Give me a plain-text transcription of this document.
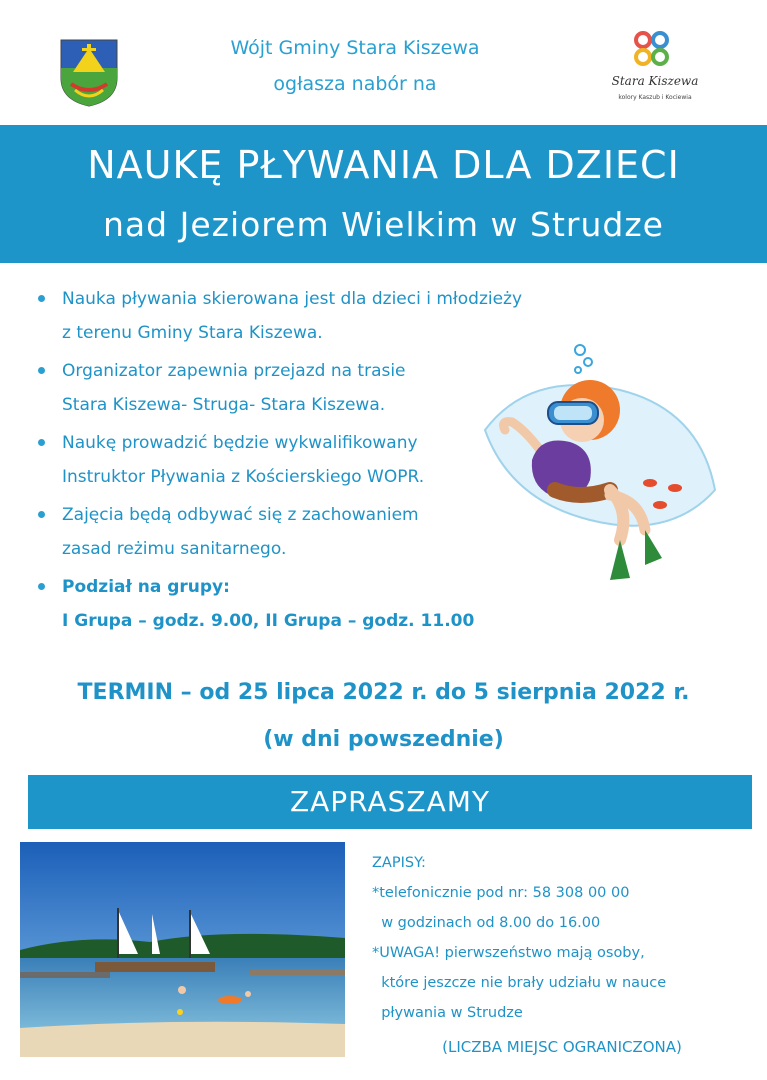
Wójt Gminy Stara Kiszewa
ogłasza nabór na	Stara Kiszewa
kolory Kaszub i Kociewia
NAUKĘ PŁYWANIA DLA DZIECI
nad Jeziorem Wielkim w Strudze
Nauka pływania skierowana jest dla dzieci i młodzieży
z terenu Gminy Stara Kiszewa.
Organizator zapewnia przejazd na trasie
Stara Kiszewa- Struga- Stara Kiszewa.
Naukę prowadzić będzie wykwalifikowany
Instruktor Pływania z Kościerskiego WOPR.
Zajęcia będą odbywać się z zachowaniem
zasad reżimu sanitarnego.
Podział na grupy:
I Grupa – godz. 9.00, II Grupa – godz. 11.00
TERMIN – od 25 lipca 2022 r. do 5 sierpnia 2022 r.
(w dni powszednie)
ZAPRASZAMY

ZAPISY:

*telefonicznie pod nr: 58 308 00 00

w godzinach od 8.00 do 16.00

*UWAGA! pierwszeństwo mają osoby,

które jeszcze nie brały udziału w nauce

pływania w Strudze

(LICZBA MIEJSC OGRANICZONA)
